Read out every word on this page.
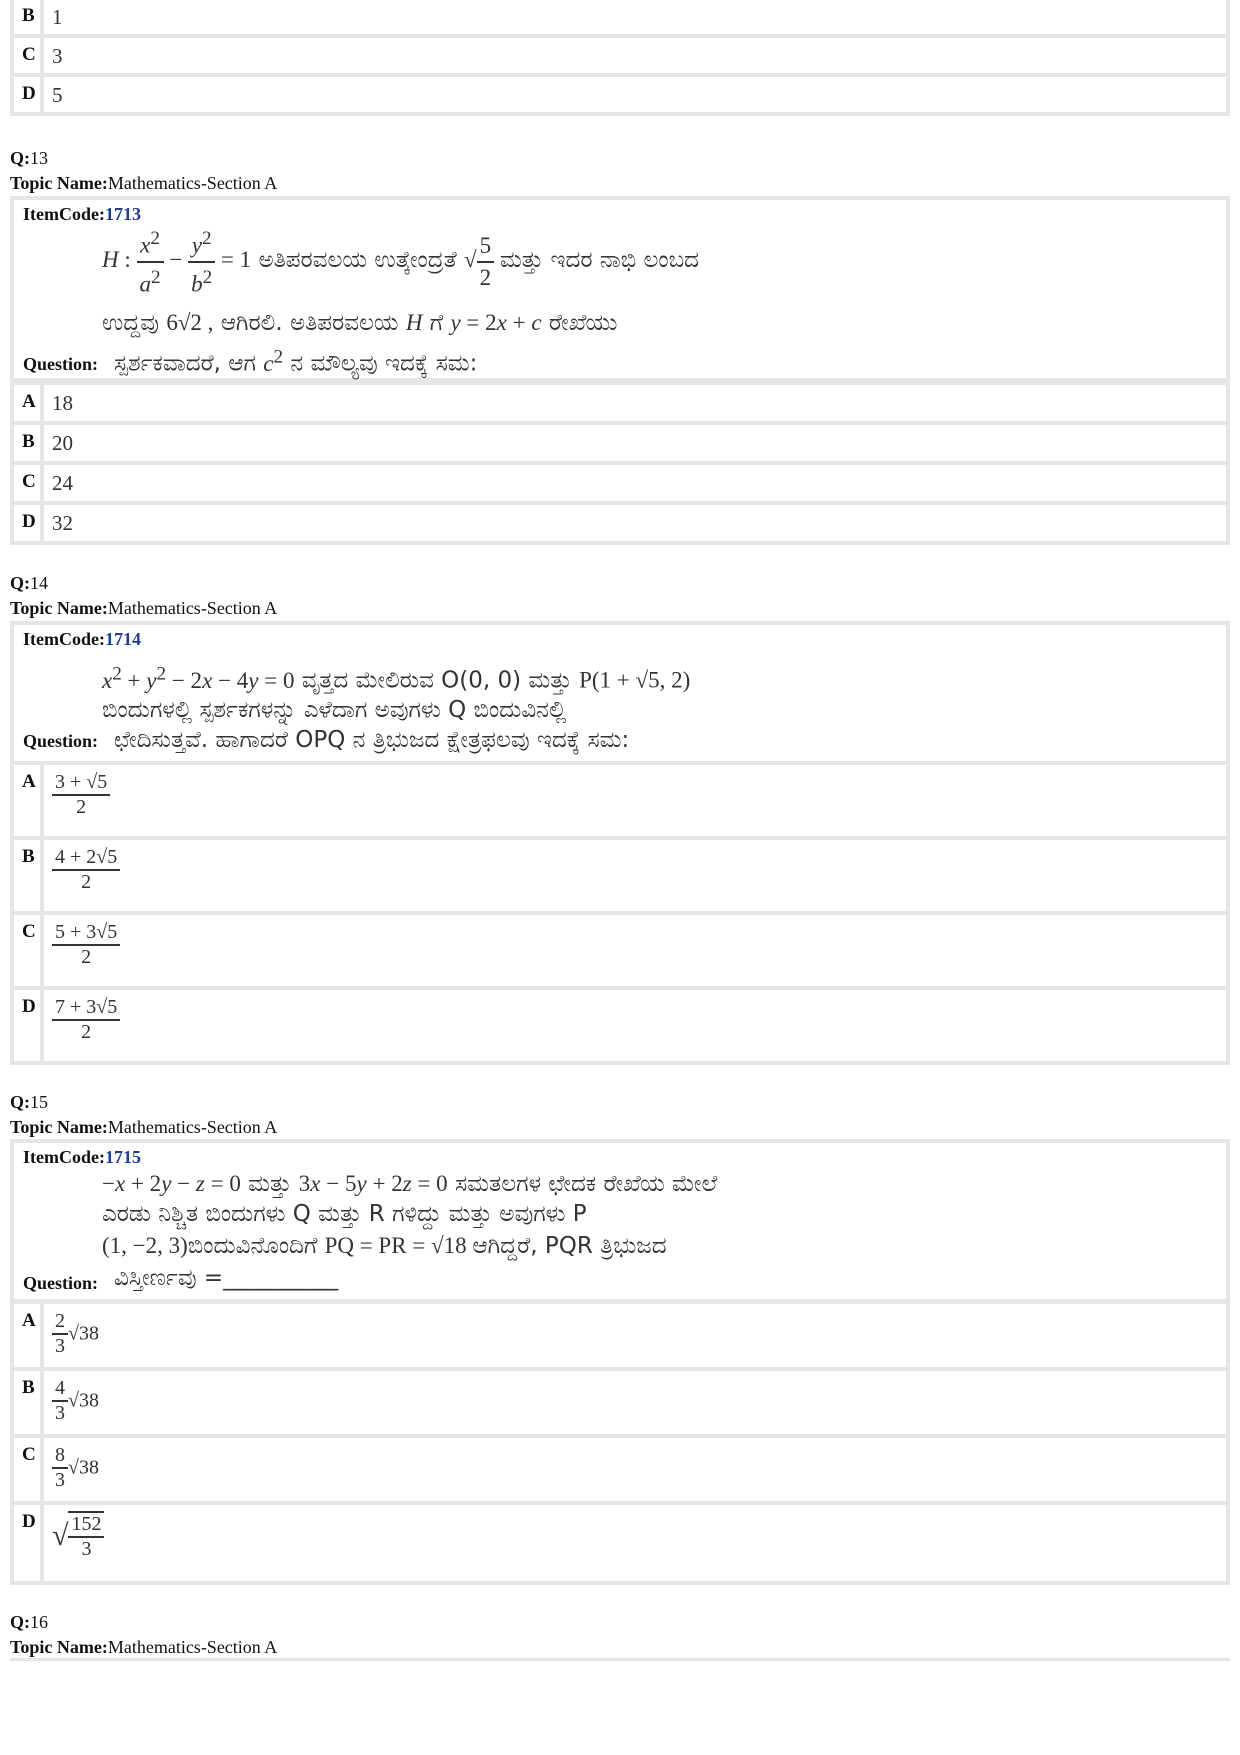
B 1
C 3
D 5
Q:13
Topic Name:Mathematics-Section A
ItemCode:1713
H : $\frac{x^2}{a^2} - \frac{y^2}{b^2} = 1$ ಅತಿಪರವಲಯ ಉತ್ಕೇಂದ್ರತೆ √ $\frac{5}{2}$ ಮತ್ತು ಇದರ ನಾಭಿ ಲಂಬದ
ಉದ್ದವು 6√2 , ಆಗಿರಲಿ. ಅತಿಪರವಲಯ H ಗೆ y = 2x + c ರೇಖೆಯು
Question: ಸ್ಪರ್ಶಕವಾದರೆ, ಆಗ $c^2$ ನ ಮೌಲ್ಯವು ಇದಕ್ಕೆ ಸಮ:
A 18
B 20
C 24
D 32
Q:14
Topic Name:Mathematics-Section A
ItemCode:1714
$x^2 + y^2 - 2x - 4y = 0$ ವೃತ್ತದ ಮೇಲಿರುವ O(0, 0) ಮತ್ತು P(1 + √5, 2)
ಬಿಂದುಗಳಲ್ಲಿ ಸ್ಪರ್ಶಕಗಳನ್ನು ಎಳೆದಾಗ ಅವುಗಳು Q ಬಿಂದುವಿನಲ್ಲಿ
Question: ಛೇದಿಸುತ್ತವೆ. ಹಾಗಾದರೆ OPQ ನ ತ್ರಿಭುಜದ ಕ್ಷೇತ್ರಫಲವು ಇದಕ್ಕೆ ಸಮ:
A $\frac{3 + √5}{2}$
B $\frac{4 + 2√5}{2}$
C $\frac{5 + 3√5}{2}$
D $\frac{7 + 3√5}{2}$
Q:15
Topic Name:Mathematics-Section A
ItemCode:1715
−x + 2y − z = 0 ಮತ್ತು 3x − 5y + 2z = 0 ಸಮತಲಗಳ ಛೇದಕ ರೇಖೆಯ ಮೇಲೆ
ಎರಡು ನಿಶ್ಚಿತ ಬಿಂದುಗಳು Q ಮತ್ತು R ಗಳಿದ್ದು ಮತ್ತು ಅವುಗಳು P
(1, −2, 3)ಬಿಂದುವಿನೊಂದಿಗೆ PQ = PR = √18 ಆಗಿದ್ದರೆ, PQR ತ್ರಿಭುಜದ
Question: ವಿಸ್ತೀರ್ಣವು =__________
A $\frac{2}{3} √38$
B $\frac{4}{3} √38$
C $\frac{8}{3} √38$
D √ $\frac{152}{3}$
Q:16
Topic Name:Mathematics-Section A
